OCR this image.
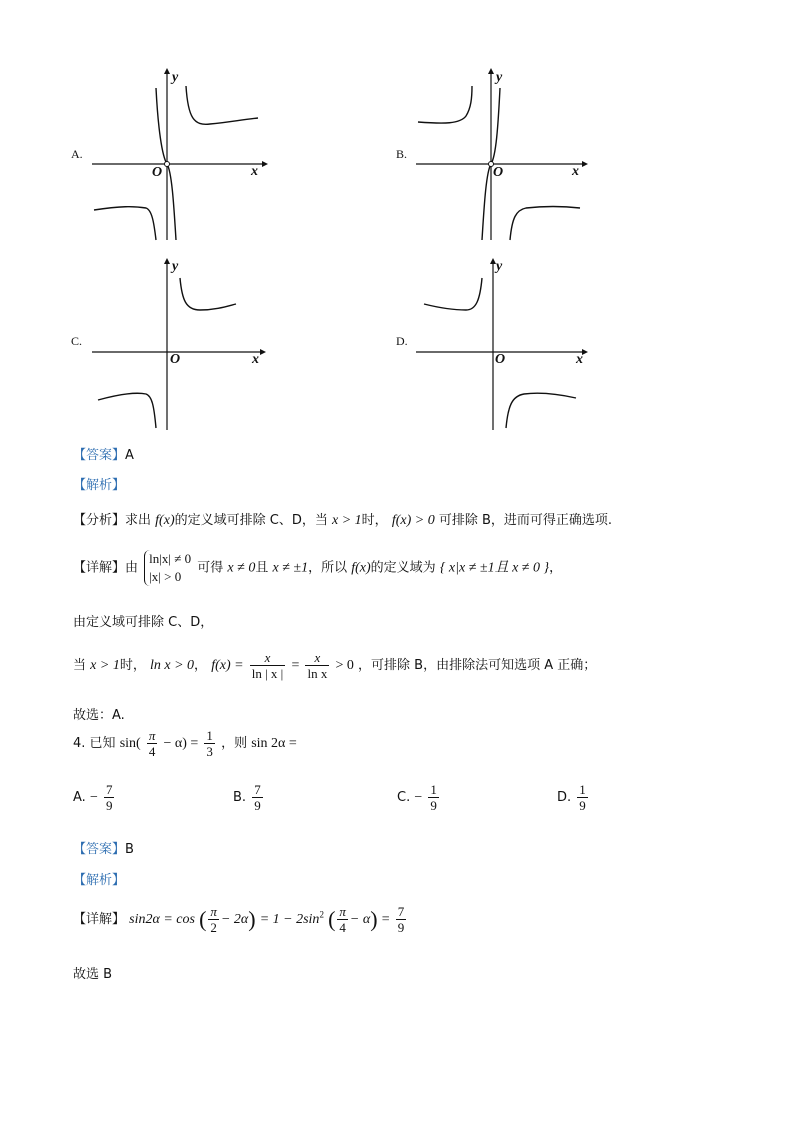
A.
y
O	x
B.
y
O	x
C.
y
O	x
D.
y
O	x
【答案】A
【解析】
【分析】求出 f(x)的定义域可排除 C、D，当 x > 1时， f(x) > 0 可排除 B，进而可得正确选项.
【详解】由
ln|x| ≠ 0
|x| > 0
可得 x ≠ 0且 x ≠ ±1，所以 f(x)的定义域为 { x|x ≠ ±1且 x ≠ 0 }，
由定义域可排除 C、D，
当 x > 1时， ln x > 0， $f(x) = \frac{x}{\ln | x |} = \frac{x}{\text{ln x}} > 0$ ，可排除 B，由排除法可知选项 A 正确；
故选：A.
4. 已知 $\sin( \frac{\pi}{4} - \alpha) = \frac{1}{3}$ ，则 sin 2α =
A. − $\frac{7}{9}$	B. $\frac{7}{9}$	C. − $\frac{1}{9}$	D. $\frac{1}{9}$
【答案】B
【解析】
【详解】 sin2α = cos ( $\frac{\pi}{2} - 2\alpha) = 1 - 2\sin^2$ ( $\frac{\pi}{4} - \alpha) = \frac{7}{9}$
故选 B
